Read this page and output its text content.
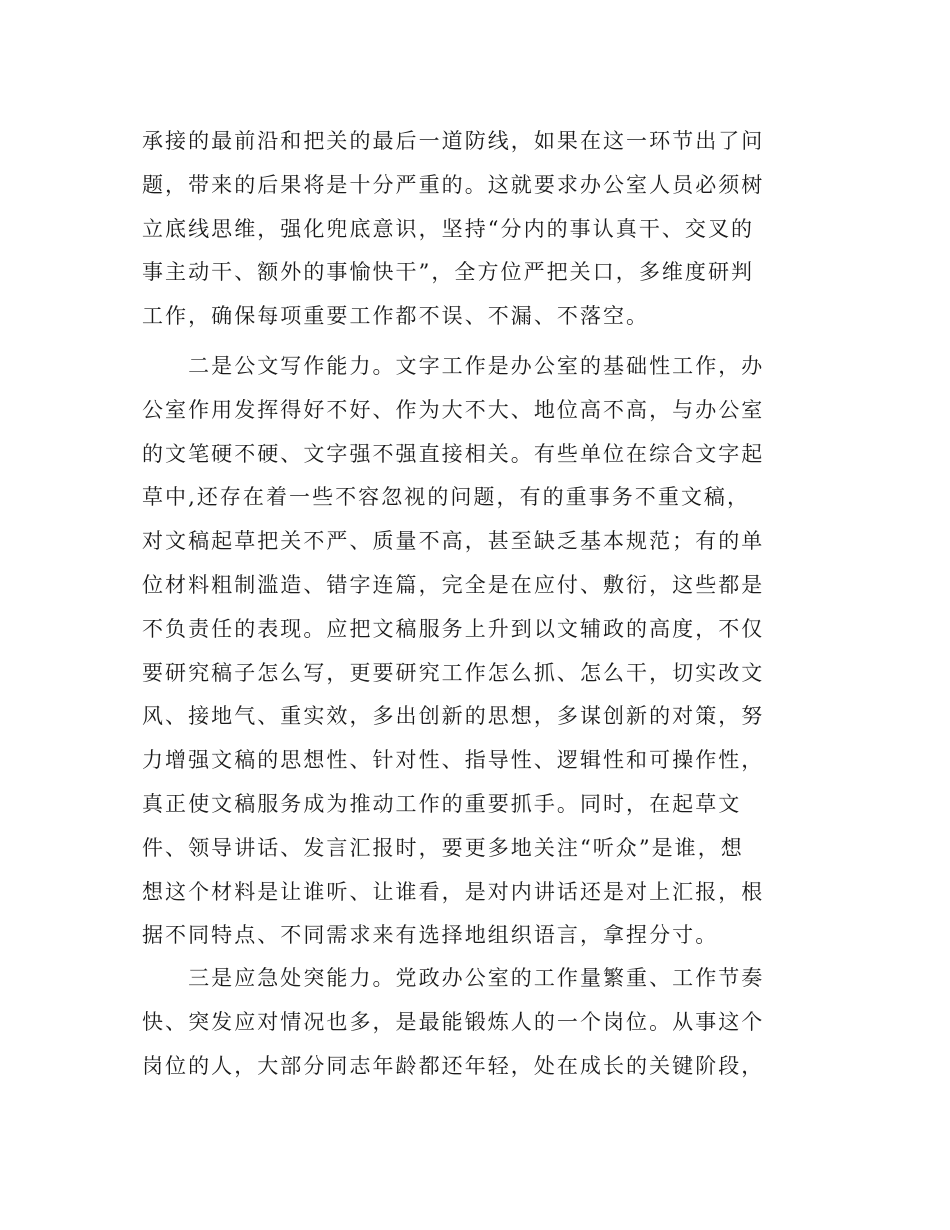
承接的最前沿和把关的最后一道防线，如果在这一环节出了问
题，带来的后果将是十分严重的。这就要求办公室人员必须树
立底线思维，强化兜底意识，坚持“分内的事认真干、交叉的
事主动干、额外的事愉快干”，全方位严把关口，多维度研判
工作，确保每项重要工作都不误、不漏、不落空。
　　二是公文写作能力。文字工作是办公室的基础性工作，办
公室作用发挥得好不好、作为大不大、地位高不高，与办公室
的文笔硬不硬、文字强不强直接相关。有些单位在综合文字起
草中,还存在着一些不容忽视的问题，有的重事务不重文稿，
对文稿起草把关不严、质量不高，甚至缺乏基本规范；有的单
位材料粗制滥造、错字连篇，完全是在应付、敷衍，这些都是
不负责任的表现。应把文稿服务上升到以文辅政的高度，不仅
要研究稿子怎么写，更要研究工作怎么抓、怎么干，切实改文
风、接地气、重实效，多出创新的思想，多谋创新的对策，努
力增强文稿的思想性、针对性、指导性、逻辑性和可操作性，
真正使文稿服务成为推动工作的重要抓手。同时，在起草文
件、领导讲话、发言汇报时，要更多地关注“听众”是谁，想
想这个材料是让谁听、让谁看，是对内讲话还是对上汇报，根
据不同特点、不同需求来有选择地组织语言，拿捏分寸。
　　三是应急处突能力。党政办公室的工作量繁重、工作节奏
快、突发应对情况也多，是最能锻炼人的一个岗位。从事这个
岗位的人，大部分同志年龄都还年轻，处在成长的关键阶段，
